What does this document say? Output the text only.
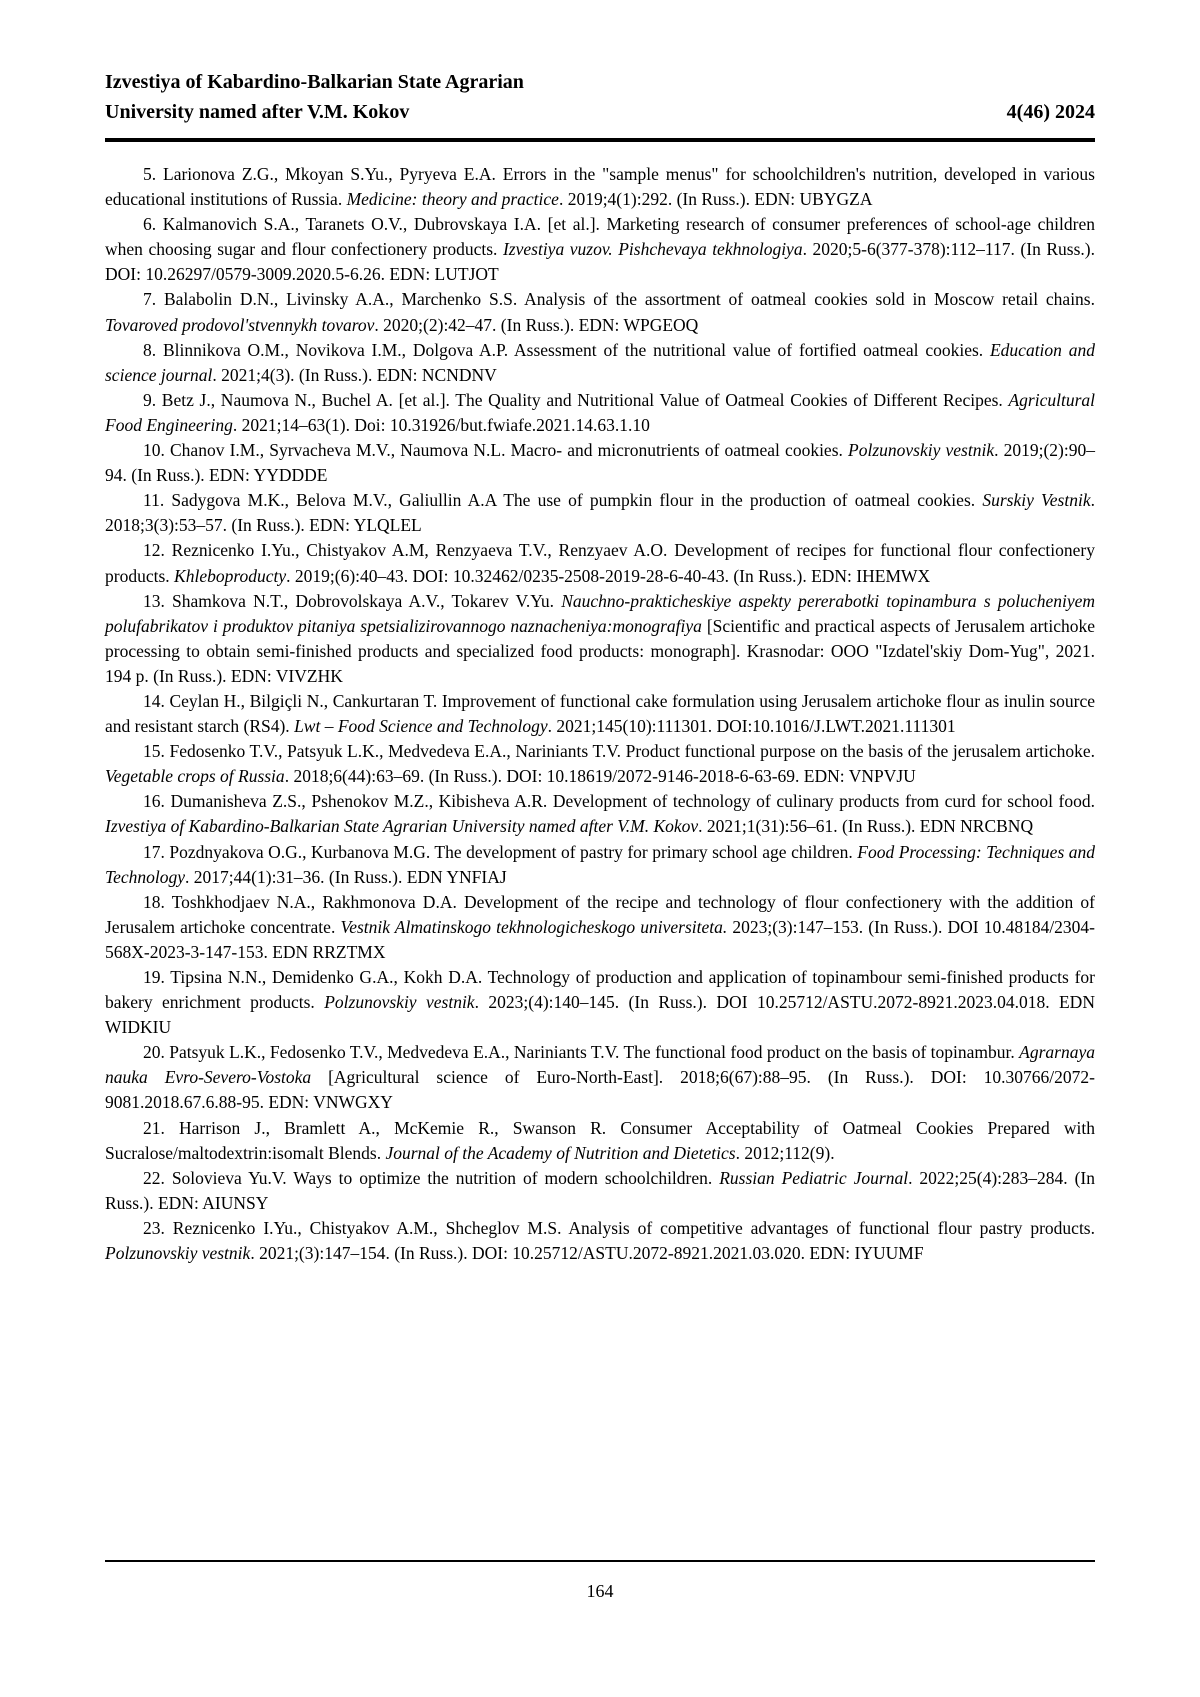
Izvestiya of Kabardino-Balkarian State Agrarian
University named after V.M. Kokov	4(46) 2024

5. Larionova Z.G., Mkoyan S.Yu., Pyryeva E.A. Errors in the "sample menus" for schoolchildren's nutrition, developed in various educational institutions of Russia. Medicine: theory and practice. 2019;4(1):292. (In Russ.). EDN: UBYGZA

6. Kalmanovich S.A., Taranets O.V., Dubrovskaya I.A. [et al.]. Marketing research of consumer preferences of school-age children when choosing sugar and flour confectionery products. Izvestiya vuzov. Pishchevaya tekhnologiya. 2020;5-6(377-378):112–117. (In Russ.). DOI: 10.26297/0579-3009.2020.5-6.26. EDN: LUTJOT

7. Balabolin D.N., Livinsky A.A., Marchenko S.S. Analysis of the assortment of oatmeal cookies sold in Moscow retail chains. Tovaroved prodovol'stvennykh tovarov. 2020;(2):42–47. (In Russ.). EDN: WPGEOQ

8. Blinnikova O.M., Novikova I.M., Dolgova A.P. Assessment of the nutritional value of fortified oatmeal cookies. Education and science journal. 2021;4(3). (In Russ.). EDN: NCNDNV

9. Betz J., Naumova N., Buchel A. [et al.]. The Quality and Nutritional Value of Oatmeal Cookies of Different Recipes. Agricultural Food Engineering. 2021;14–63(1). Doi: 10.31926/but.fwiafe.2021.14.63.1.10

10. Chanov I.M., Syrvacheva M.V., Naumova N.L. Macro- and micronutrients of oatmeal cookies. Polzunovskiy vestnik. 2019;(2):90–94. (In Russ.). EDN: YYDDDE

11. Sadygova M.K., Belova M.V., Galiullin A.A The use of pumpkin flour in the production of oatmeal cookies. Surskiy Vestnik. 2018;3(3):53–57. (In Russ.). EDN: YLQLEL

12. Reznicenko I.Yu., Chistyakov A.M, Renzyaeva T.V., Renzyaev A.O. Development of recipes for functional flour confectionery products. Khleboproducty. 2019;(6):40–43. DOI: 10.32462/0235-2508-2019-28-6-40-43. (In Russ.). EDN: IHEMWX

13. Shamkova N.T., Dobrovolskaya A.V., Tokarev V.Yu. Nauchno-prakticheskiye aspekty pererabotki topinambura s polucheniyem polufabrikatov i produktov pitaniya spetsializirovannogo naznacheniya:monografiya [Scientific and practical aspects of Jerusalem artichoke processing to obtain semi-finished products and specialized food products: monograph]. Krasnodar: OOO "Izdatel'skiy Dom-Yug", 2021. 194 p. (In Russ.). EDN: VIVZHK

14. Ceylan H., Bilgiçli N., Cankurtaran T. Improvement of functional cake formulation using Jerusalem artichoke flour as inulin source and resistant starch (RS4). Lwt – Food Science and Technology. 2021;145(10):111301. DOI:10.1016/J.LWT.2021.111301

15. Fedosenko T.V., Patsyuk L.K., Medvedeva E.A., Nariniants T.V. Product functional purpose on the basis of the jerusalem artichoke. Vegetable crops of Russia. 2018;6(44):63–69. (In Russ.). DOI: 10.18619/2072-9146-2018-6-63-69. EDN: VNPVJU

16. Dumanisheva Z.S., Pshenokov M.Z., Kibisheva A.R. Development of technology of culinary products from curd for school food. Izvestiya of Kabardino-Balkarian State Agrarian University named after V.M. Kokov. 2021;1(31):56–61. (In Russ.). EDN NRCBNQ

17. Pozdnyakova O.G., Kurbanova M.G. The development of pastry for primary school age children. Food Processing: Techniques and Technology. 2017;44(1):31–36. (In Russ.). EDN YNFIAJ

18. Toshkhodjaev N.A., Rakhmonova D.A. Development of the recipe and technology of flour confectionery with the addition of Jerusalem artichoke concentrate. Vestnik Almatinskogo tekhnologicheskogo universiteta. 2023;(3):147–153. (In Russ.). DOI 10.48184/2304-568X-2023-3-147-153. EDN RRZTMX

19. Tipsina N.N., Demidenko G.A., Kokh D.A. Technology of production and application of topinambour semi-finished products for bakery enrichment products. Polzunovskiy vestnik. 2023;(4):140–145. (In Russ.). DOI 10.25712/ASTU.2072-8921.2023.04.018. EDN WIDKIU

20. Patsyuk L.K., Fedosenko T.V., Medvedeva E.A., Nariniants T.V. The functional food product on the basis of topinambur. Agrarnaya nauka Evro-Severo-Vostoka [Agricultural science of Euro-North-East]. 2018;6(67):88–95. (In Russ.). DOI: 10.30766/2072-9081.2018.67.6.88-95. EDN: VNWGXY

21. Harrison J., Bramlett A., McKemie R., Swanson R. Consumer Acceptability of Oatmeal Cookies Prepared with Sucralose/maltodextrin:isomalt Blends. Journal of the Academy of Nutrition and Dietetics. 2012;112(9).

22. Solovieva Yu.V. Ways to optimize the nutrition of modern schoolchildren. Russian Pediatric Journal. 2022;25(4):283–284. (In Russ.). EDN: AIUNSY

23. Reznicenko I.Yu., Chistyakov A.M., Shcheglov M.S. Analysis of competitive advantages of functional flour pastry products. Polzunovskiy vestnik. 2021;(3):147–154. (In Russ.). DOI: 10.25712/ASTU.2072-8921.2021.03.020. EDN: IYUUMF

164
